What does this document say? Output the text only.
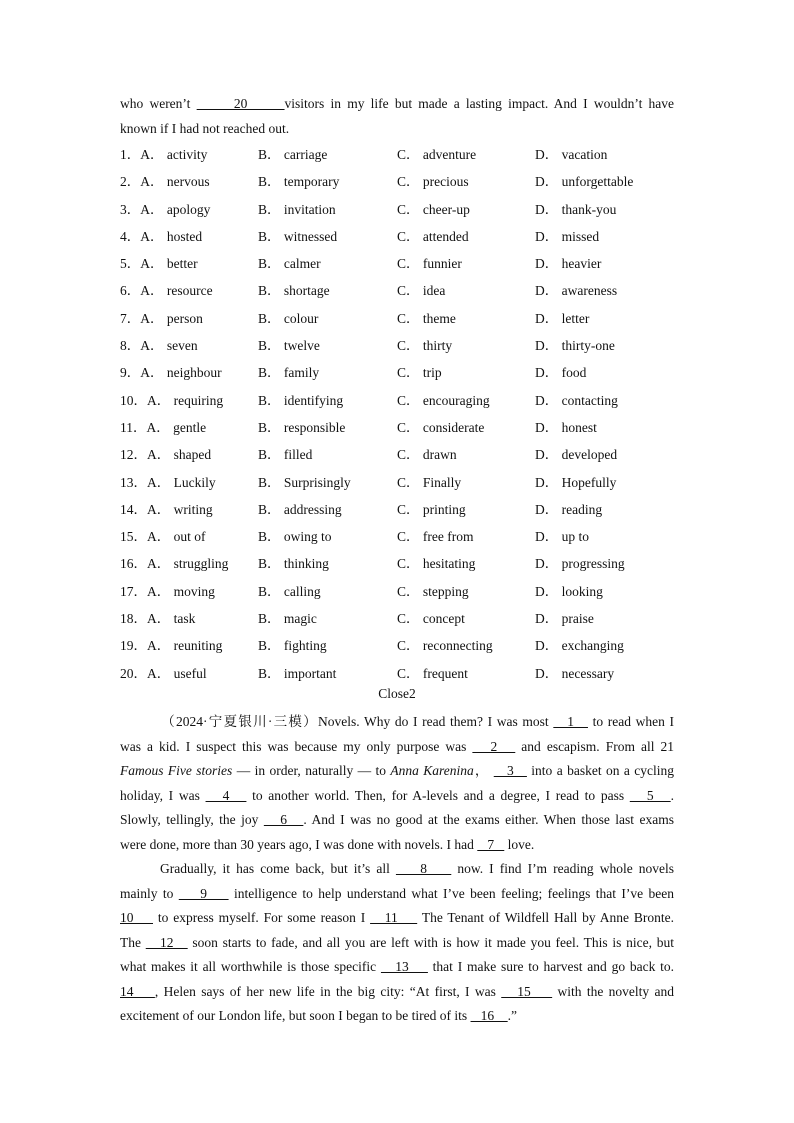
who weren’t       20      visitors in my life but made a lasting impact. And I wouldn’t have
known if I had not reached out.
1．A． activity	B． carriage	C． adventure	D． vacation
2．A． nervous	B． temporary	C． precious	D． unforgettable
3．A． apology	B． invitation	C． cheer-up	D． thank-you
4．A． hosted	B． witnessed	C． attended	D． missed
5．A． better	B． calmer	C． funnier	D． heavier
6．A． resource	B． shortage	C． idea	D． awareness
7．A． person	B． colour	C． theme	D． letter
8．A． seven	B． twelve	C． thirty	D． thirty-one
9．A． neighbour	B． family	C． trip	D． food
10．A． requiring	B． identifying	C． encouraging	D． contacting
11．A． gentle	B． responsible	C． considerate	D． honest
12．A． shaped	B． filled	C． drawn	D． developed
13．A． Luckily	B． Surprisingly	C． Finally	D． Hopefully
14．A． writing	B． addressing	C． printing	D． reading
15．A． out of	B． owing to	C． free from	D． up to
16．A． struggling B． thinking	C． hesitating	D． progressing
17．A． moving	B． calling	C． stepping	D． looking
18．A． task	B． magic	C． concept	D． praise
19．A． reuniting	B． fighting	C． reconnecting	D． exchanging
20．A． useful	B． important	C． frequent	D． necessary
Close2
（2024·宁夏银川·三模）Novels. Why do I read them? I was most    1    to read when I
was a kid. I suspect this was because my only purpose was    2    and escapism. From all 21
Famous Five stories — in order, naturally — to Anna Karenina，    3    into a basket on a cycling
holiday, I was    4    to another world. Then, for A-levels and a degree, I read to pass    5   .
Slowly, tellingly, the joy    6   . And I was no good at the exams either. When those last exams
were done, more than 30 years ago, I was done with novels. I had    7    love.
Gradually, it has come back, but it’s all     8     now. I find I’m reading whole novels
mainly to     9     intelligence to help understand what I’ve been feeling; feelings that I’ve been
10     to express myself. For some reason I    11     The Tenant of Wildfell Hall by Anne Bronte.
The    12    soon starts to fade, and all you are left with is how it made you feel. This is nice, but
what makes it all worthwhile is those specific    13     that I make sure to harvest and go back to.
14    , Helen says of her new life in the big city: “At first, I was    15     with the novelty and
excitement of our London life, but soon I began to be tired of its    16    .”
